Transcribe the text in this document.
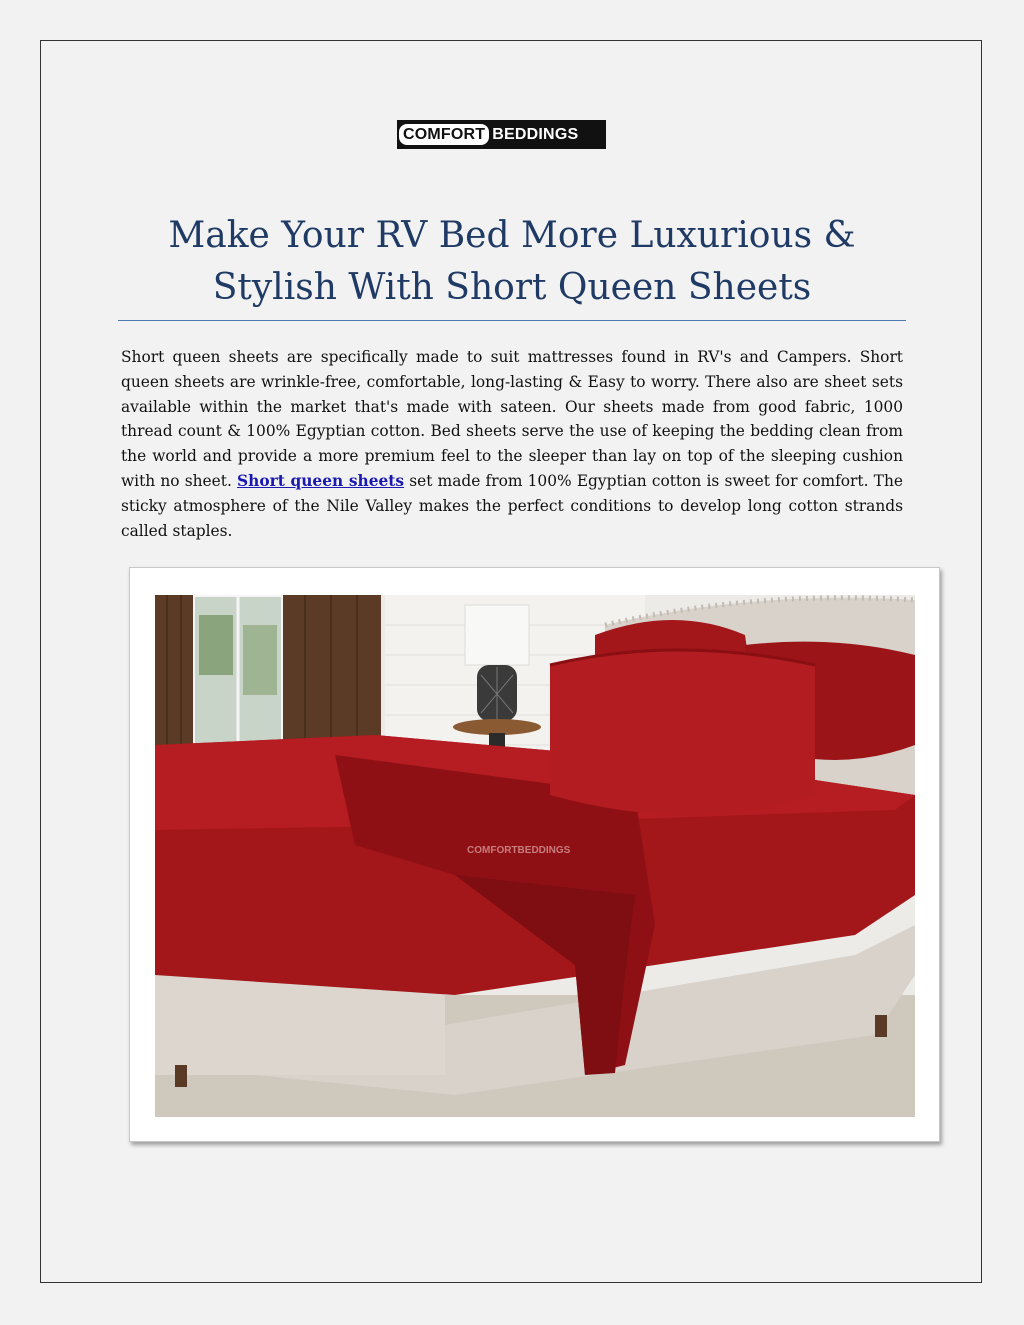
COMFORT BEDDINGS
Make Your RV Bed More Luxurious & Stylish With Short Queen Sheets

Short queen sheets are specifically made to suit mattresses found in RV's and Campers. Short queen sheets are wrinkle-free, comfortable, long-lasting & Easy to worry. There also are sheet sets available within the market that's made with sateen. Our sheets made from good fabric, 1000 thread count & 100% Egyptian cotton. Bed sheets serve the use of keeping the bedding clean from the world and provide a more premium feel to the sleeper than lay on top of the sleeping cushion with no sheet. Short queen sheets set made from 100% Egyptian cotton is sweet for comfort. The sticky atmosphere of the Nile Valley makes the perfect conditions to develop long cotton strands called staples.

COMFORTBEDDINGS
